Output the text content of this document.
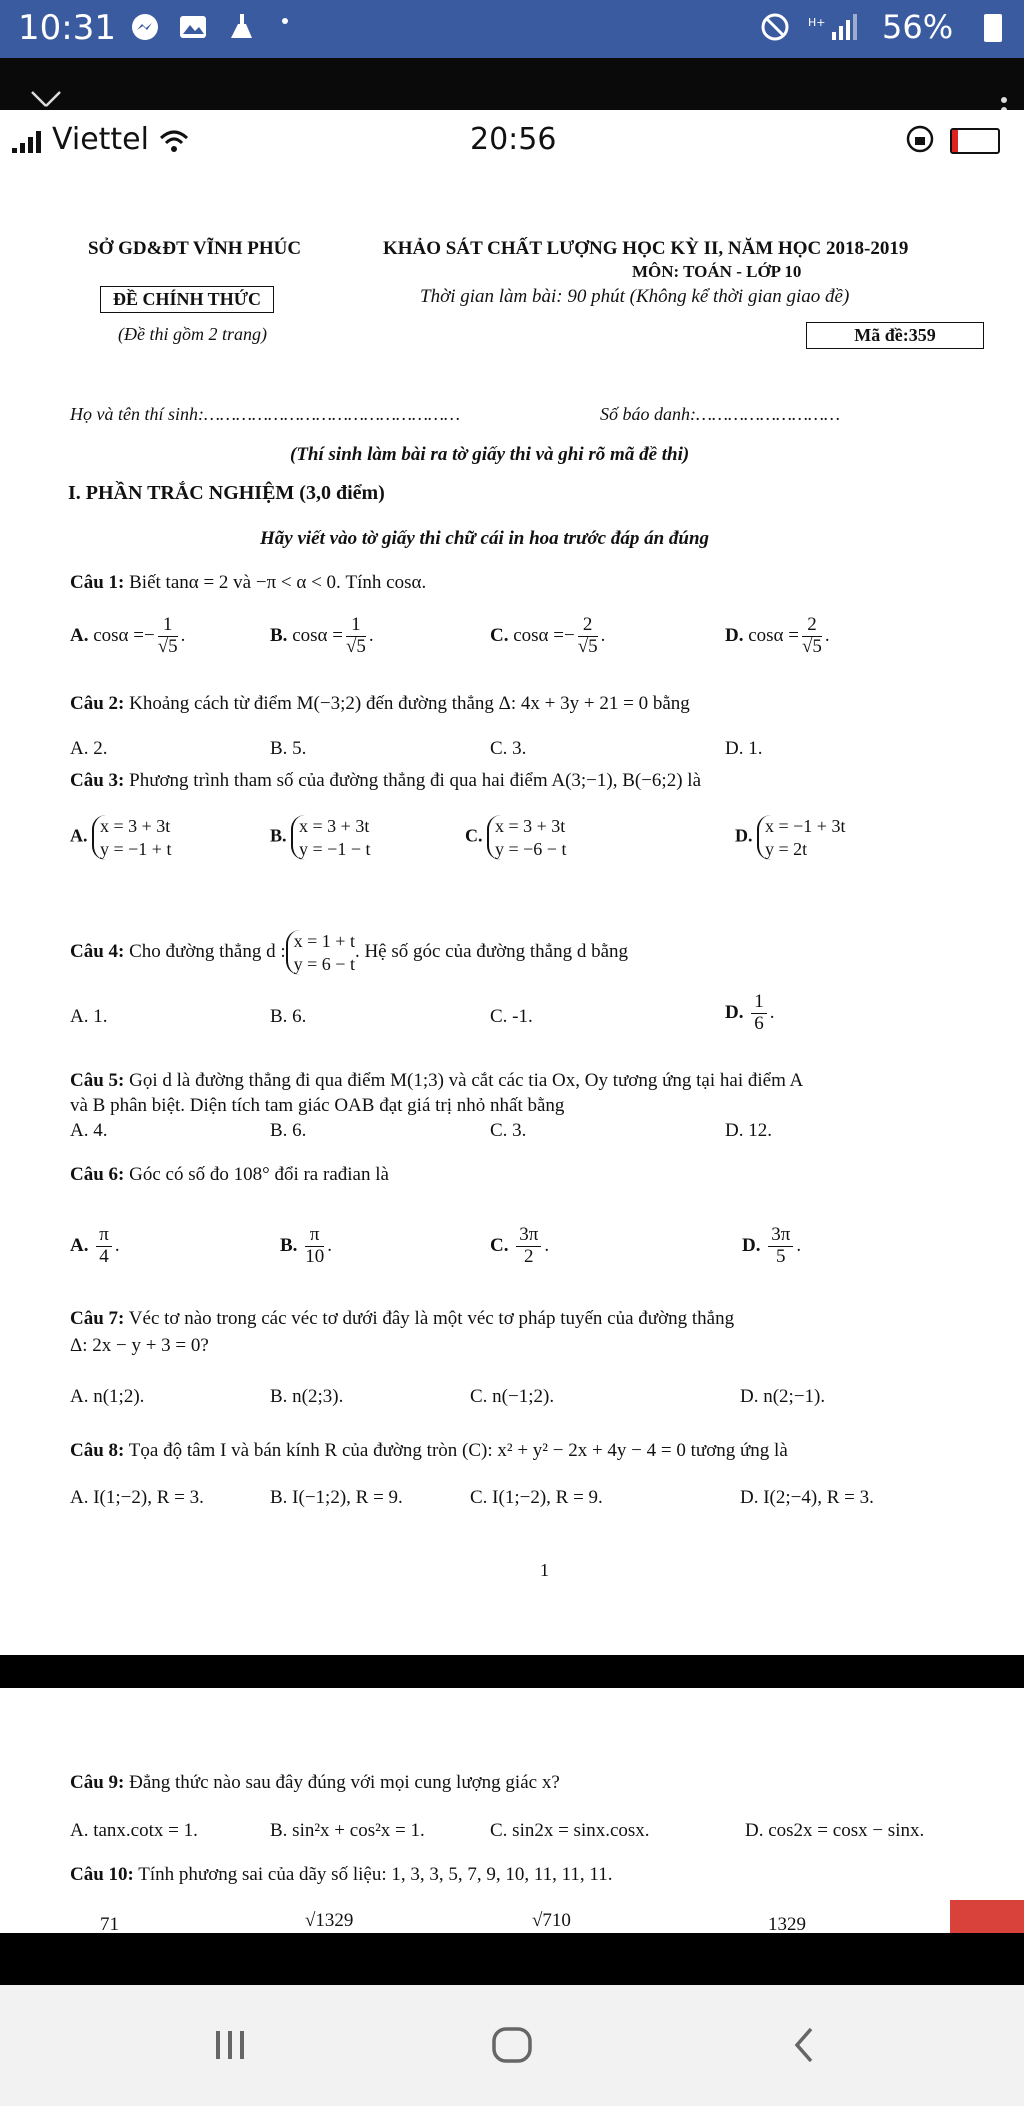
10:31	H+ 56%
Viettel	20:56
SỞ GD&ĐT VĨNH PHÚC
ĐỀ CHÍNH THỨC
(Đề thi gồm 2 trang)
KHẢO SÁT CHẤT LƯỢNG HỌC KỲ II, NĂM HỌC 2018-2019
MÔN: TOÁN - LỚP 10
Thời gian làm bài: 90 phút (Không kể thời gian giao đề)
Mã đề:359
Họ và tên thí sinh:…………………………………………	Số báo danh:………………………
(Thí sinh làm bài ra tờ giấy thi và ghi rõ mã đề thi)
I. PHẦN TRẮC NGHIỆM (3,0 điểm)
Hãy viết vào tờ giấy thi chữ cái in hoa trước đáp án đúng
Câu 1: Biết tanα = 2 và −π < α < 0. Tính cosα.
A. $\cos\alpha =- \frac{1}{√5}$ .	B. $\cos\alpha = \frac{1}{√5}$ .	C. $\cos\alpha =- \frac{2}{√5}$ .	D. $\cos\alpha = \frac{2}{√5}$ .
Câu 2: Khoảng cách từ điểm M(−3;2) đến đường thẳng Δ: 4x + 3y + 21 = 0 bằng
A. 2.	B. 5.	C. 3.	D. 1.
Câu 3: Phương trình tham số của đường thẳng đi qua hai điểm A(3;−1), B(−6;2) là
A. x = 3 + 3t
y = −1 + t
B. x = 3 + 3t
y = −1 − t
C. x = 3 + 3t
y = −6 − t
D. x = −1 + 3t
y = 2t
Câu 4: Cho đường thẳng d : x = 1 + t
y = 6 − t. Hệ số góc của đường thẳng d bằng
A. 1.	B. 6.	C. -1.	D. $\frac{1}{6}$ .
Câu 5: Gọi d là đường thẳng đi qua điểm M(1;3) và cắt các tia Ox, Oy tương ứng tại hai điểm A
và B phân biệt. Diện tích tam giác OAB đạt giá trị nhỏ nhất bằng
A. 4.	B. 6.	C. 3.	D. 12.
Câu 6: Góc có số đo 108° đổi ra rađian là
A. $\frac{\pi}{4}$ .	B. $\frac{\pi}{10}$ .	C. $\frac{3\pi}{2}$ .	D. $\frac{3\pi}{5}$ .
Câu 7: Véc tơ nào trong các véc tơ dưới đây là một véc tơ pháp tuyến của đường thẳng
Δ: 2x − y + 3 = 0?
A. n(1;2).	B. n(2;3).	C. n(−1;2).	D. n(2;−1).
Câu 8: Tọa độ tâm I và bán kính R của đường tròn (C): x² + y² − 2x + 4y − 4 = 0 tương ứng là
A. I(1;−2), R = 3.	B. I(−1;2), R = 9.	C. I(1;−2), R = 9.	D. I(2;−4), R = 3.
1
Câu 9: Đẳng thức nào sau đây đúng với mọi cung lượng giác x?
A. tanx.cotx = 1.	B. sin²x + cos²x = 1.	C. sin2x = sinx.cosx.	D. cos2x = cosx − sinx.
Câu 10: Tính phương sai của dãy số liệu: 1, 3, 3, 5, 7, 9, 10, 11, 11, 11.
71	√1329	√710	1329
